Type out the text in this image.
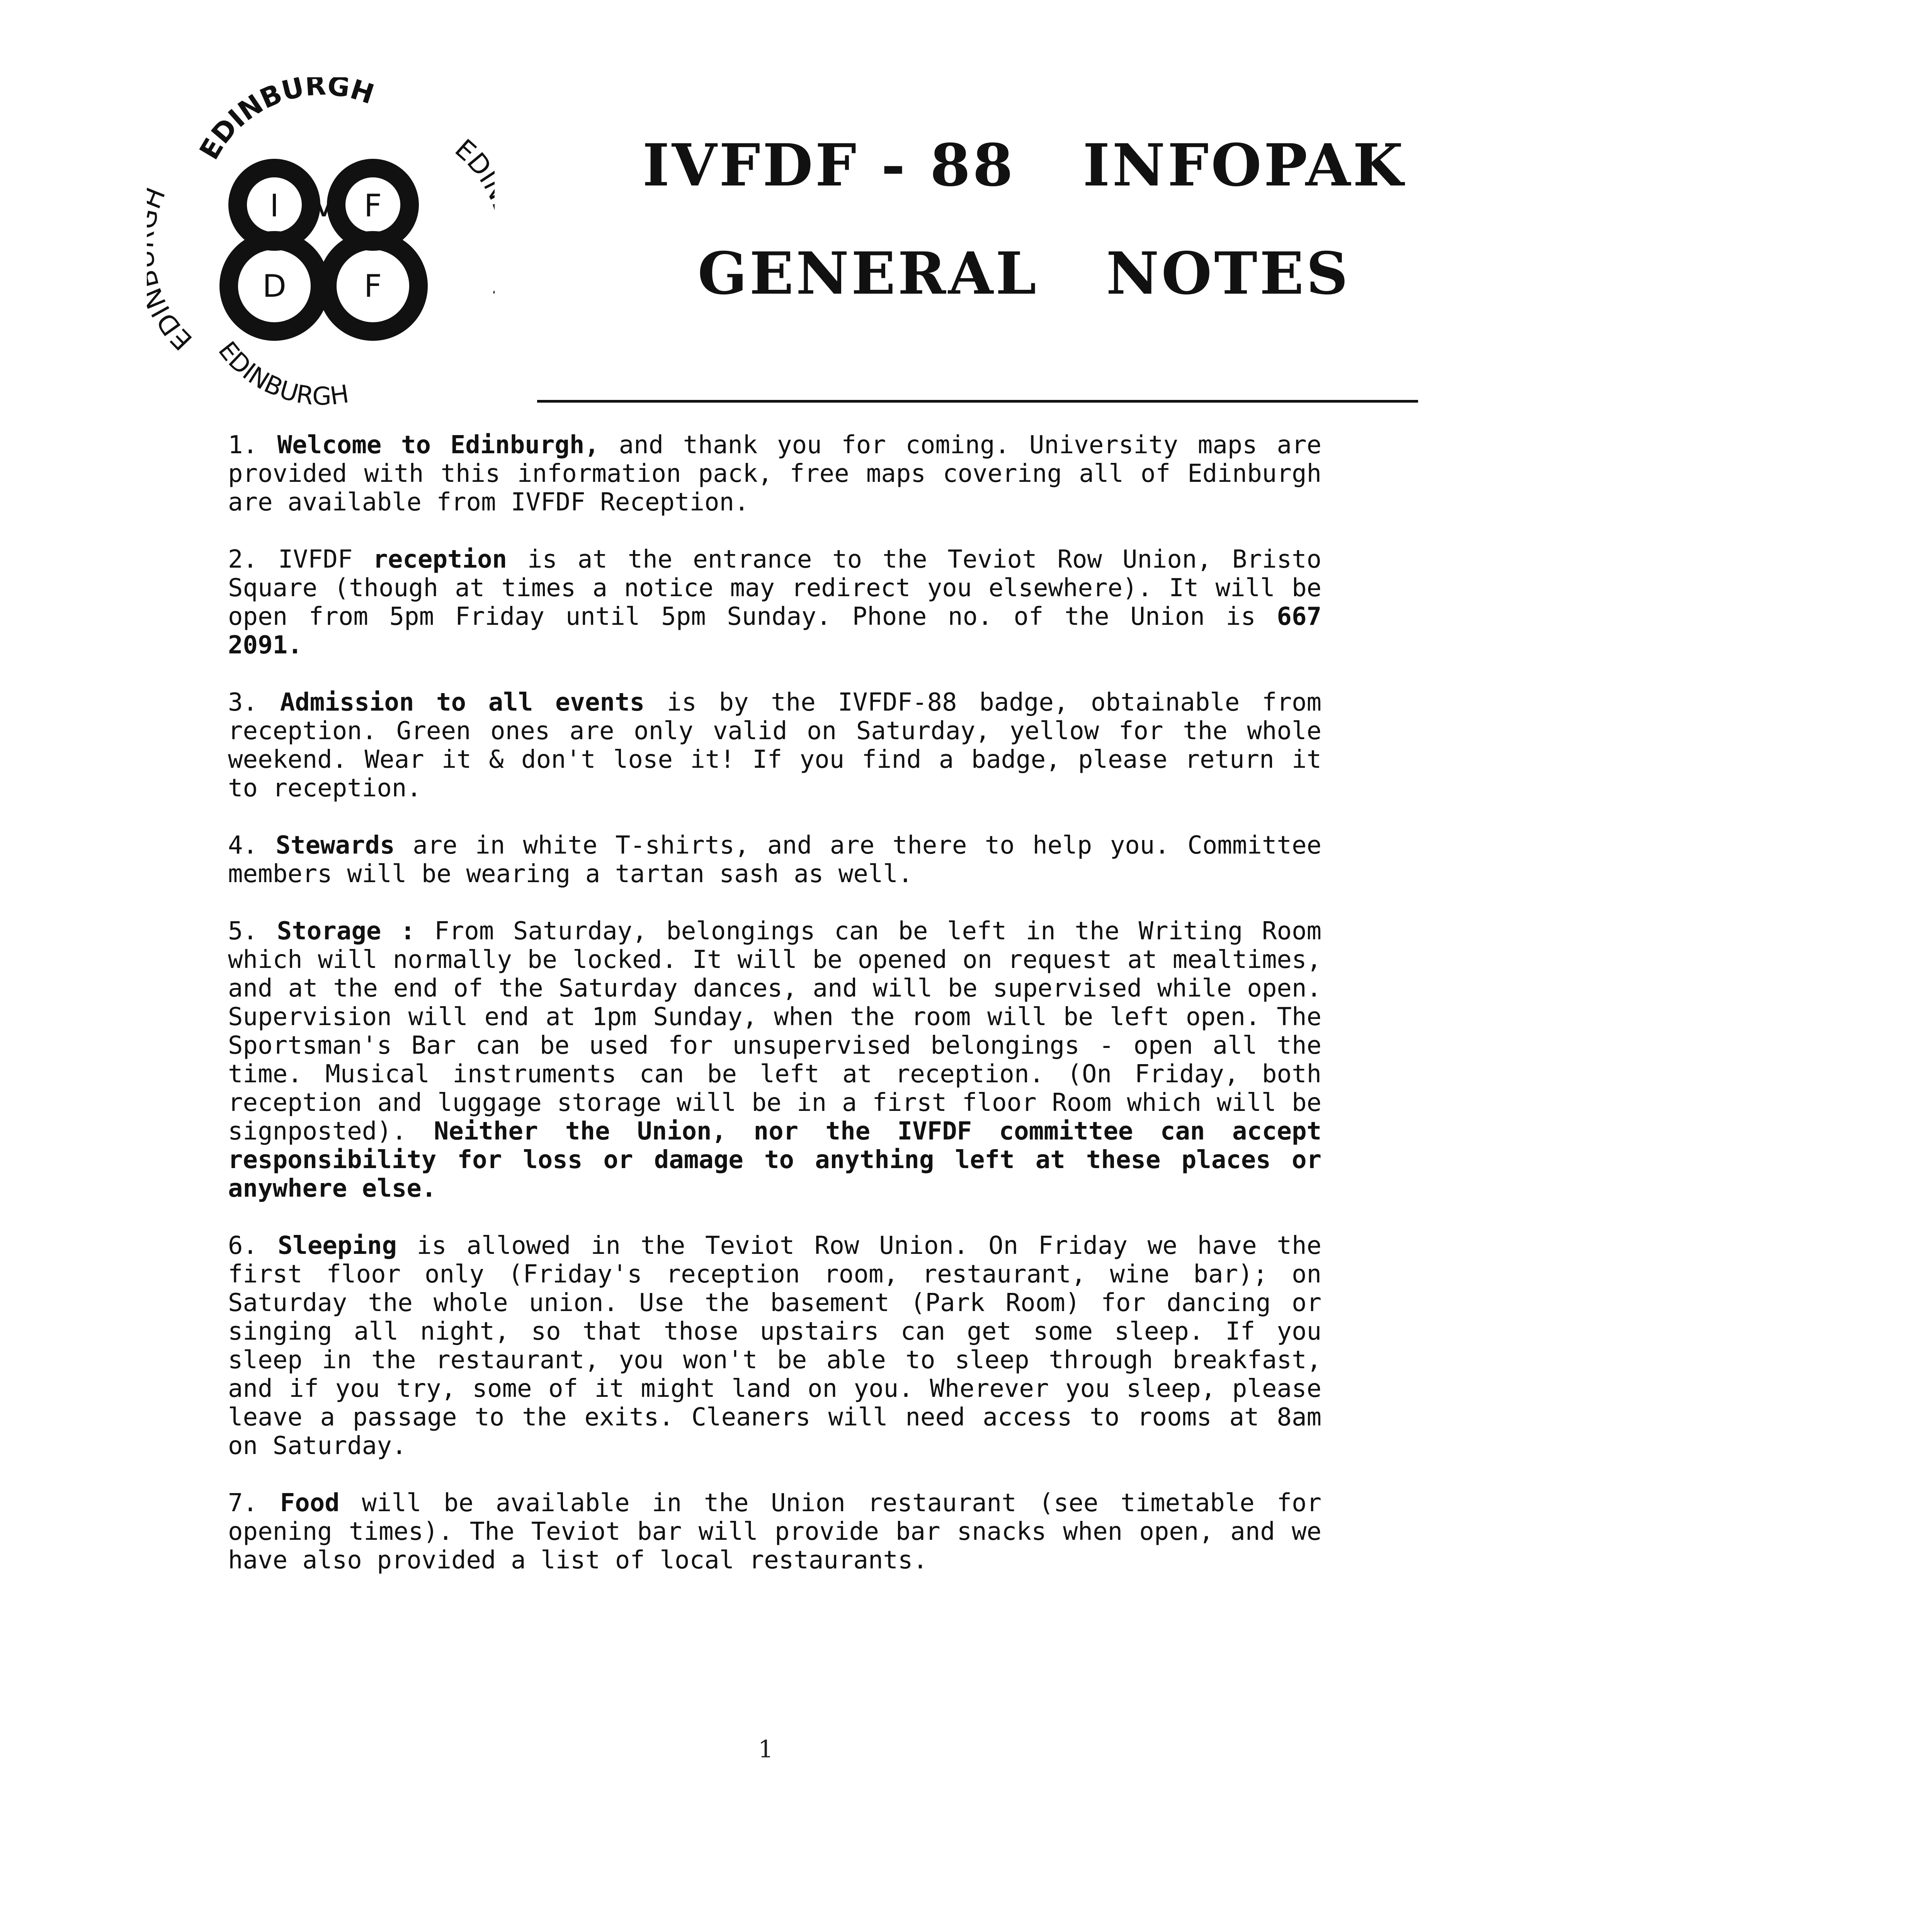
EDINBURGH
EDI
ED
EDINBURGH
I V F
D	F
IVFDF - 88   INFOPAK
GENERAL   NOTES

1. Welcome to Edinburgh, and thank you for coming. University maps are provided with this information pack, free maps covering all of Edinburgh are available from IVFDF Reception.

2. IVFDF reception is at the entrance to the Teviot Row Union, Bristo Square (though at times a notice may redirect you elsewhere). It will be open from 5pm Friday until 5pm Sunday. Phone no. of the Union is 667 2091.

3. Admission to all events is by the IVFDF-88 badge, obtainable from reception. Green ones are only valid on Saturday, yellow for the whole weekend. Wear it & don't lose it! If you find a badge, please return it to reception.

4. Stewards are in white T-shirts, and are there to help you. Committee members will be wearing a tartan sash as well.

5. Storage : From Saturday, belongings can be left in the Writing Room which will normally be locked. It will be opened on request at mealtimes, and at the end of the Saturday dances, and will be supervised while open. Supervision will end at 1pm Sunday, when the room will be left open. The Sportsman's Bar can be used for unsupervised belongings - open all the time. Musical instruments can be left at reception. (On Friday, both reception and luggage storage will be in a first floor Room which will be signposted). Neither the Union, nor the IVFDF committee can accept responsibility for loss or damage to anything left at these places or anywhere else.

6. Sleeping is allowed in the Teviot Row Union. On Friday we have the first floor only (Friday's reception room, restaurant, wine bar); on Saturday the whole union. Use the basement (Park Room) for dancing or singing all night, so that those upstairs can get some sleep. If you sleep in the restaurant, you won't be able to sleep through breakfast, and if you try, some of it might land on you. Wherever you sleep, please leave a passage to the exits. Cleaners will need access to rooms at 8am on Saturday.

7. Food will be available in the Union restaurant (see timetable for opening times). The Teviot bar will provide bar snacks when open, and we have also provided a list of local restaurants.

1
